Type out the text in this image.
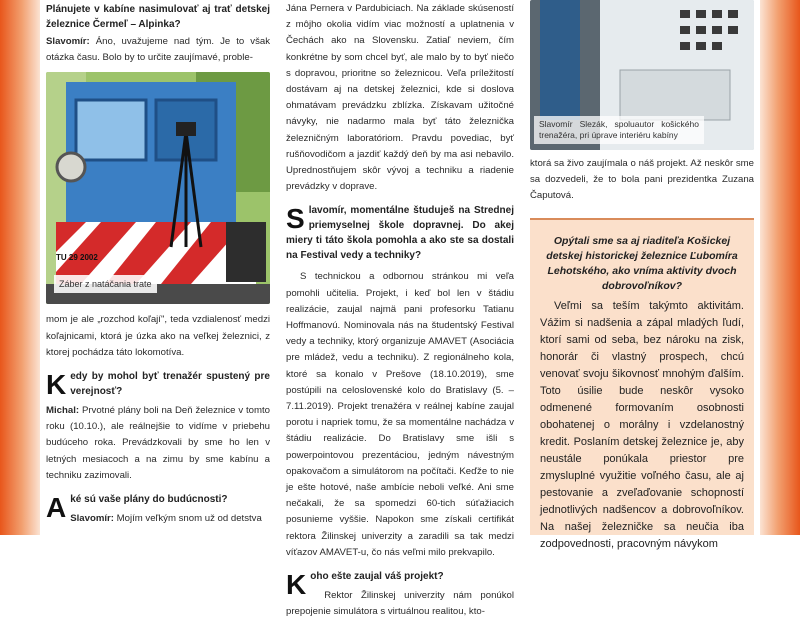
Plánujete v kabíne nasimulovať aj trať detskej železnice Čermeľ – Alpinka?

Slavomír: Áno, uvažujeme nad tým. Je to však otázka času. Bolo by to určite zaujímavé, proble-

TU 29 2002
Záber z natáčania trate

mom je ale „rozchod koľají", teda vzdialenosť medzi koľajnicami, ktorá je úzka ako na veľkej železnici, z ktorej pochádza táto lokomotíva.

K edy by mohol byť trenažér spustený pre verejnosť?

Michal: Prvotné plány boli na Deň železnice v tomto roku (10.10.), ale reálnejšie to vidíme v priebehu budúceho roka. Prevádzkovali by sme ho len v letných mesiacoch a na zimu by sme kabínu a techniku zazimovali.

A ké sú vaše plány do budúcnosti?

Slavomír: Mojím veľkým snom už od detstva

Jána Pernera v Pardubiciach. Na základe skúseností z môjho okolia vidím viac možností a uplatnenia v Čechách ako na Slovensku. Zatiaľ neviem, čím konkrétne by som chcel byť, ale malo by to byť niečo s dopravou, prioritne so železnicou. Veľa príležitostí dostávam aj na detskej železnici, kde si doslova ohmatávam prevádzku zblízka. Získavam užitočné návyky, nie nadarmo mala byť táto železnička železničným laboratóriom. Pravdu povediac, byť rušňovodičom a jazdiť každý deň by ma asi nebavilo. Uprednostňujem skôr vývoj a techniku a riadenie prevádzky v doprave.

S lavomír, momentálne študuješ na Strednej priemyselnej škole dopravnej. Do akej miery ti táto škola pomohla a ako ste sa dostali na Festival vedy a techniky?

S technickou a odbornou stránkou mi veľa pomohli učitelia. Projekt, i keď bol len v štádiu realizácie, zaujal najmä pani profesorku Tatianu Hoffmanovú. Nominovala nás na študentský Festival vedy a techniky, ktorý organizuje AMAVET (Asociácia pre mládež, vedu a techniku). Z regionálneho kola, ktoré sa konalo v Prešove (18.10.2019), sme postúpili na celoslovenské kolo do Bratislavy (5. – 7.11.2019). Projekt trenažéra v reálnej kabíne zaujal porotu i napriek tomu, že sa momentálne nachádza v štádiu realizácie. Do Bratislavy sme išli s powerpointovou prezentáciou, jedným návestným opakovačom a simulátorom na počítači. Keďže to nie je ešte hotové, naše ambície neboli veľké. Ani sme nečakali, že sa spomedzi 60-tich súťažiacich posunieme vyššie. Napokon sme získali certifikát rektora Žilinskej univerzity a zaradili sa tak medzi víťazov AMAVET-u, čo nás veľmi milo prekvapilo.

K oho ešte zaujal váš projekt?

Rektor Žilinskej univerzity nám ponúkol prepojenie simulátora s virtuálnou realitou, kto-

Slavomír Slezák, spoluautor košického trenažéra, pri úprave interiéru kabíny

ktorá sa živo zaujímala o náš projekt. Až neskôr sme sa dozvedeli, že to bola pani prezidentka Zuzana Čaputová.

Opýtali sme sa aj riaditeľa Košickej detskej historickej železnice Ľubomíra Lehotského, ako vníma aktivity dvoch dobrovoľníkov?

Veľmi sa teším takýmto aktivitám. Vážim si nadšenia a zápal mladých ľudí, ktorí sami od seba, bez nároku na zisk, honorár či vlastný prospech, chcú venovať svoju šikovnosť mnohým ďalším. Toto úsilie bude neskôr vysoko odmenené formovaním osobnosti obohatenej o morálny i vzdelanostný kredit. Poslaním detskej železnice je, aby neustále ponúkala priestor pre zmysluplné využitie voľného času, ale aj pestovanie a zveľaďovanie schopností jednotlivých nadšencov a dobrovoľníkov. Na našej železničke sa neučia iba zodpovednosti, pracovným návykom
